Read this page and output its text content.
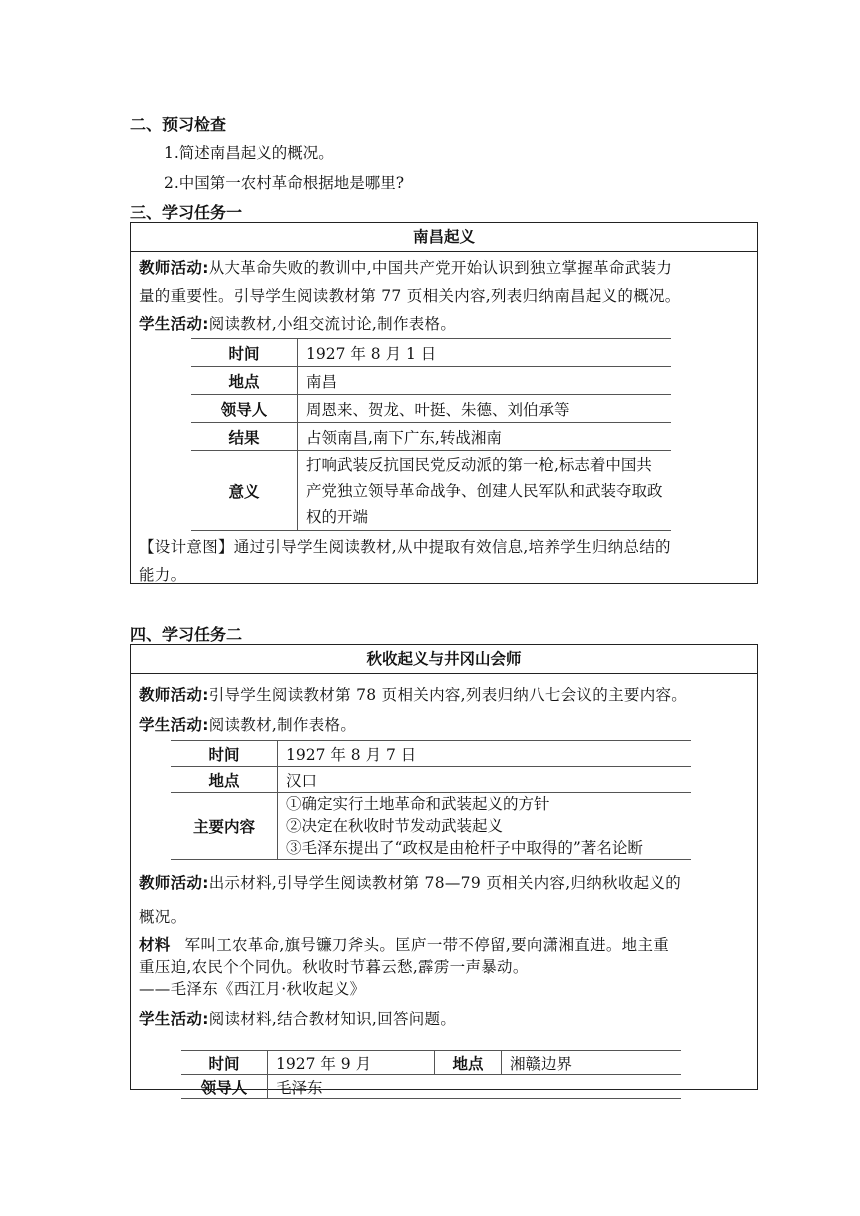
二、预习检查
1.简述南昌起义的概况。
2.中国第一农村革命根据地是哪里?
三、学习任务一
南昌起义
教师活动:从大革命失败的教训中,中国共产党开始认识到独立掌握革命武装力
量的重要性。引导学生阅读教材第 77 页相关内容,列表归纳南昌起义的概况。
学生活动:阅读教材,小组交流讨论,制作表格。
时间	1927 年 8 月 1 日
地点	南昌
领导人	周恩来、贺龙、叶挺、朱德、刘伯承等
结果	占领南昌,南下广东,转战湘南
意义	打响武装反抗国民党反动派的第一枪,标志着中国共
产党独立领导革命战争、创建人民军队和武装夺取政
权的开端
【设计意图】通过引导学生阅读教材,从中提取有效信息,培养学生归纳总结的
能力。
四、学习任务二
秋收起义与井冈山会师
教师活动:引导学生阅读教材第 78 页相关内容,列表归纳八七会议的主要内容。
学生活动:阅读教材,制作表格。
时间	1927 年 8 月 7 日
地点	汉口
主要内容	①确定实行土地革命和武装起义的方针
②决定在秋收时节发动武装起义
③毛泽东提出了“政权是由枪杆子中取得的”著名论断
教师活动:出示材料,引导学生阅读教材第 78—79 页相关内容,归纳秋收起义的
概况。
材料 军叫工农革命,旗号镰刀斧头。匡庐一带不停留,要向潇湘直进。地主重
重压迫,农民个个同仇。秋收时节暮云愁,霹雳一声暴动。
——毛泽东《西江月·秋收起义》
学生活动:阅读材料,结合教材知识,回答问题。
时间	1927 年 9 月	地点	湘赣边界
领导人	毛泽东		
